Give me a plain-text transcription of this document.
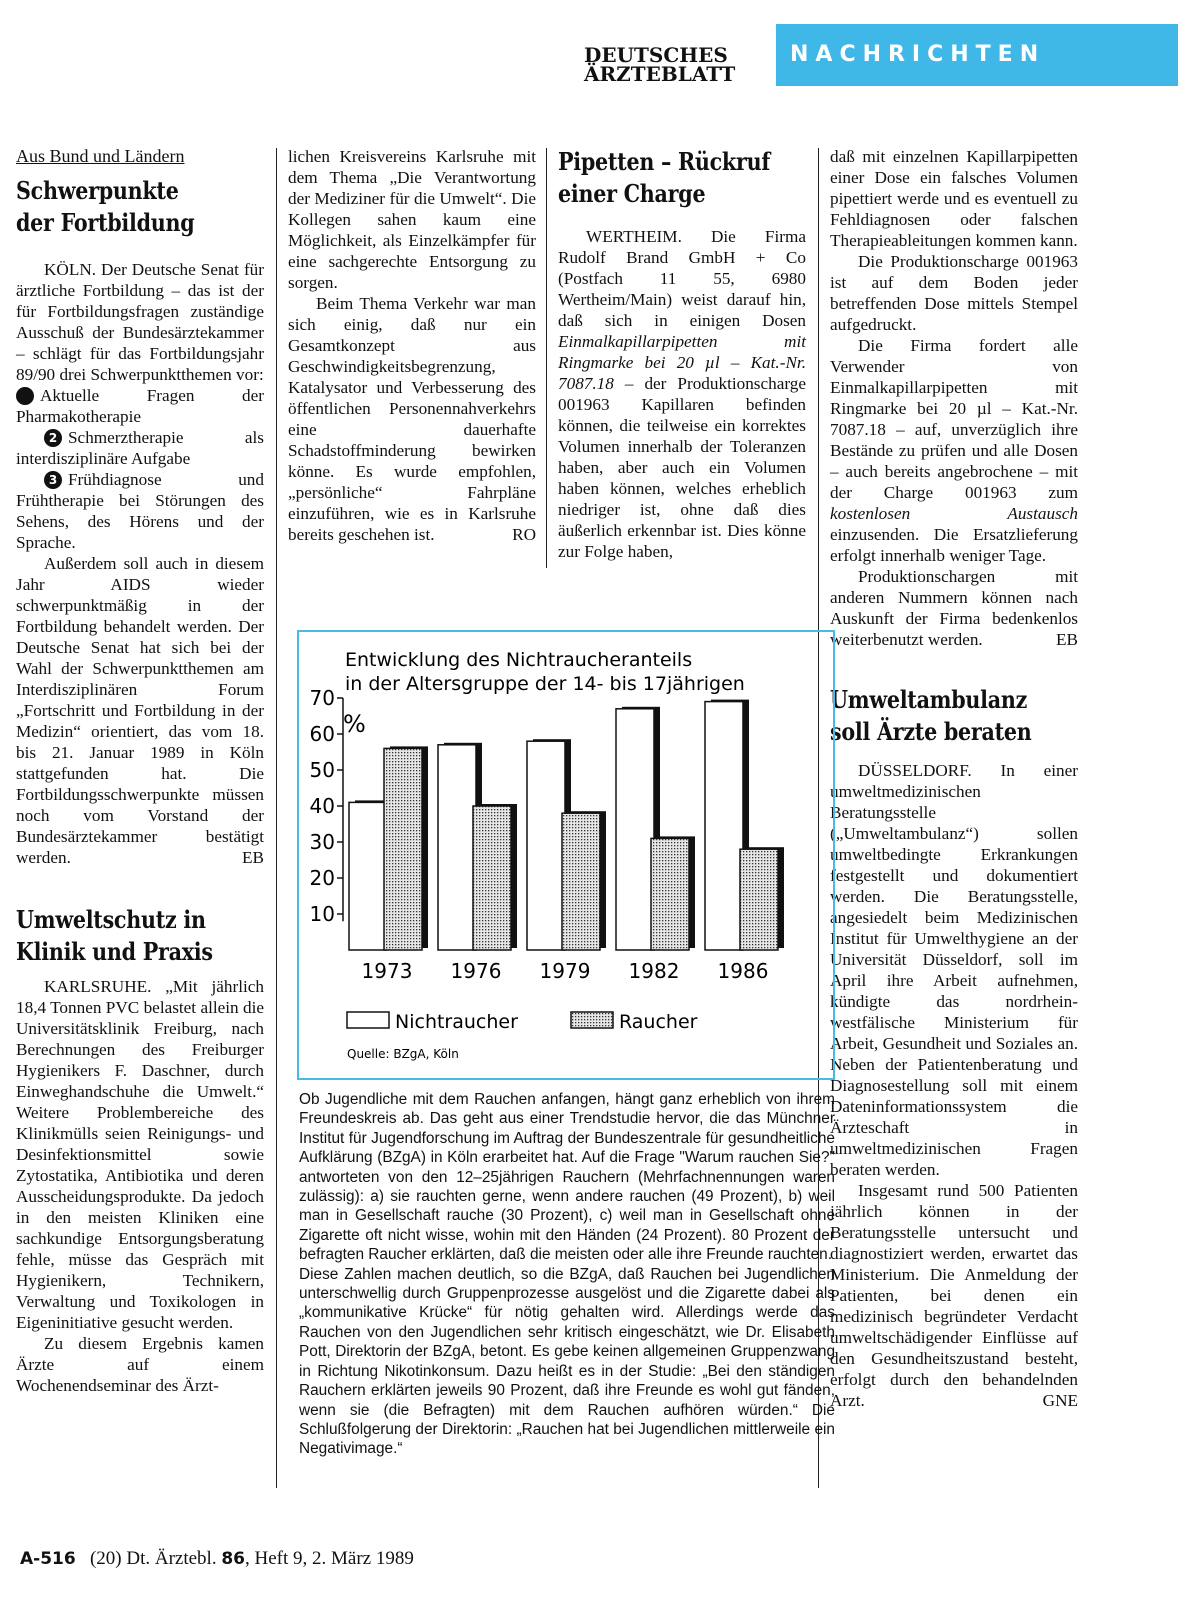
DEUTSCHES
ÄRZTEBLATT
NACHRICHTEN
Aus Bund und Ländern
Schwerpunkte
der Fortbildung

KÖLN. Der Deutsche Senat für ärztliche Fortbildung – das ist der für Fortbildungsfragen zuständige Ausschuß der Bundesärztekammer – schlägt für das Fortbildungsjahr 89/90 drei Schwerpunktthemen vor:

1 Aktuelle Fragen der Pharmakotherapie

2 Schmerztherapie als interdisziplinäre Aufgabe

3 Frühdiagnose und Frühtherapie bei Störungen des Sehens, des Hörens und der Sprache.

Außerdem soll auch in diesem Jahr AIDS wieder schwerpunktmäßig in der Fortbildung behandelt werden. Der Deutsche Senat hat sich bei der Wahl der Schwerpunktthemen am Interdisziplinären Forum „Fortschritt und Fortbildung in der Medizin“ orientiert, das vom 18. bis 21. Januar 1989 in Köln stattgefunden hat. Die Fortbildungsschwerpunkte müssen noch vom Vorstand der Bundesärztekammer bestätigt werden.	EB

Umweltschutz in
Klinik und Praxis

KARLSRUHE. „Mit jährlich 18,4 Tonnen PVC belastet allein die Universitätsklinik Freiburg, nach Berechnungen des Freiburger Hygienikers F. Daschner, durch Einweghandschuhe die Umwelt.“ Weitere Problembereiche des Klinikmülls seien Reinigungs- und Desinfektionsmittel sowie Zytostatika, Antibiotika und deren Ausscheidungsprodukte. Da jedoch in den meisten Kliniken eine sachkundige Entsorgungsberatung fehle, müsse das Gespräch mit Hygienikern, Technikern, Verwaltung und Toxikologen in Eigeninitiative gesucht werden.

Zu diesem Ergebnis kamen Ärzte auf einem Wochenendseminar des Ärzt-

lichen Kreisvereins Karlsruhe mit dem Thema „Die Verantwortung der Mediziner für die Umwelt“. Die Kollegen sahen kaum eine Möglichkeit, als Einzelkämpfer für eine sachgerechte Entsorgung zu sorgen.

Beim Thema Verkehr war man sich einig, daß nur ein Gesamtkonzept aus Geschwindigkeitsbegrenzung, Katalysator und Verbesserung des öffentlichen Personennahverkehrs eine dauerhafte Schadstoffminderung bewirken könne. Es wurde empfohlen, „persönliche“ Fahrpläne einzuführen, wie es in Karlsruhe bereits geschehen ist.	RO

Pipetten – Rückruf
einer Charge

WERTHEIM. Die Firma Rudolf Brand GmbH + Co (Postfach 11 55, 6980 Wertheim/Main) weist darauf hin, daß sich in einigen Dosen Einmalkapillarpipetten mit Ringmarke bei 20 µl – Kat.-Nr. 7087.18 – der Produktionscharge 001963 Kapillaren befinden können, die teilweise ein korrektes Volumen innerhalb der Toleranzen haben, aber auch ein Volumen haben können, welches erheblich niedriger ist, ohne daß dies äußerlich erkennbar ist. Dies könne zur Folge haben,

daß mit einzelnen Kapillarpipetten einer Dose ein falsches Volumen pipettiert werde und es eventuell zu Fehldiagnosen oder falschen Therapieableitungen kommen kann.

Die Produktionscharge 001963 ist auf dem Boden jeder betreffenden Dose mittels Stempel aufgedruckt.

Die Firma fordert alle Verwender von Einmalkapillarpipetten mit Ringmarke bei 20 µl – Kat.-Nr. 7087.18 – auf, unverzüglich ihre Bestände zu prüfen und alle Dosen – auch bereits angebrochene – mit der Charge 001963 zum kostenlosen Austausch einzusenden. Die Ersatzlieferung erfolgt innerhalb weniger Tage.

Produktionschargen mit anderen Nummern können nach Auskunft der Firma bedenkenlos weiterbenutzt werden.	EB

Umweltambulanz
soll Ärzte beraten

DÜSSELDORF. In einer umweltmedizinischen Beratungsstelle („Umweltambulanz“) sollen umweltbedingte Erkrankungen festgestellt und dokumentiert werden. Die Beratungsstelle, angesiedelt beim Medizinischen Institut für Umwelthygiene an der Universität Düsseldorf, soll im April ihre Arbeit aufnehmen, kündigte das nordrhein-westfälische Ministerium für Arbeit, Gesundheit und Soziales an. Neben der Patientenberatung und Diagnosestellung soll mit einem Dateninformationssystem die Ärzteschaft in umweltmedizinischen Fragen beraten werden.

Insgesamt rund 500 Patienten jährlich können in der Beratungsstelle untersucht und diagnostiziert werden, erwartet das Ministerium. Die Anmeldung der Patienten, bei denen ein medizinisch begründeter Verdacht umweltschädigender Einflüsse auf den Gesundheitszustand besteht, erfolgt durch den behandelnden Arzt.	GNE

Entwicklung des Nichtraucheranteils
in der Altersgruppe der 14- bis 17jährigen
%
10
20
30
40
50
60
70
1973 1976 1979 1982 1986
Nichtraucher	Raucher
Quelle: BZgA, Köln

Ob Jugendliche mit dem Rauchen anfangen, hängt ganz erheblich von ihrem Freundeskreis ab. Das geht aus einer Trendstudie hervor, die das Münchner Institut für Jugendforschung im Auftrag der Bundeszentrale für gesundheitliche Aufklärung (BZgA) in Köln erarbeitet hat. Auf die Frage "Warum rauchen Sie?" antworteten von den 12–25jährigen Rauchern (Mehrfachnennungen waren zulässig): a) sie rauchten gerne, wenn andere rauchen (49 Prozent), b) weil man in Gesellschaft rauche (30 Prozent), c) weil man in Gesellschaft ohne Zigarette oft nicht wisse, wohin mit den Händen (24 Prozent). 80 Prozent der befragten Raucher erklärten, daß die meisten oder alle ihre Freunde rauchten.

Diese Zahlen machen deutlich, so die BZgA, daß Rauchen bei Jugendlichen unterschwellig durch Gruppenprozesse ausgelöst und die Zigarette dabei als „kommunikative Krücke“ für nötig gehalten wird. Allerdings werde das Rauchen von den Jugendlichen sehr kritisch eingeschätzt, wie Dr. Elisabeth Pott, Direktorin der BZgA, betont. Es gebe keinen allgemeinen Gruppenzwang in Richtung Nikotinkonsum. Dazu heißt es in der Studie: „Bei den ständigen Rauchern erklärten jeweils 90 Prozent, daß ihre Freunde es wohl gut fänden, wenn sie (die Befragten) mit dem Rauchen aufhören würden.“ Die Schlußfolgerung der Direktorin: „Rauchen hat bei Jugendlichen mittlerweile ein Negativimage.“

A-516 (20) Dt. Ärztebl. 86, Heft 9, 2. März 1989
